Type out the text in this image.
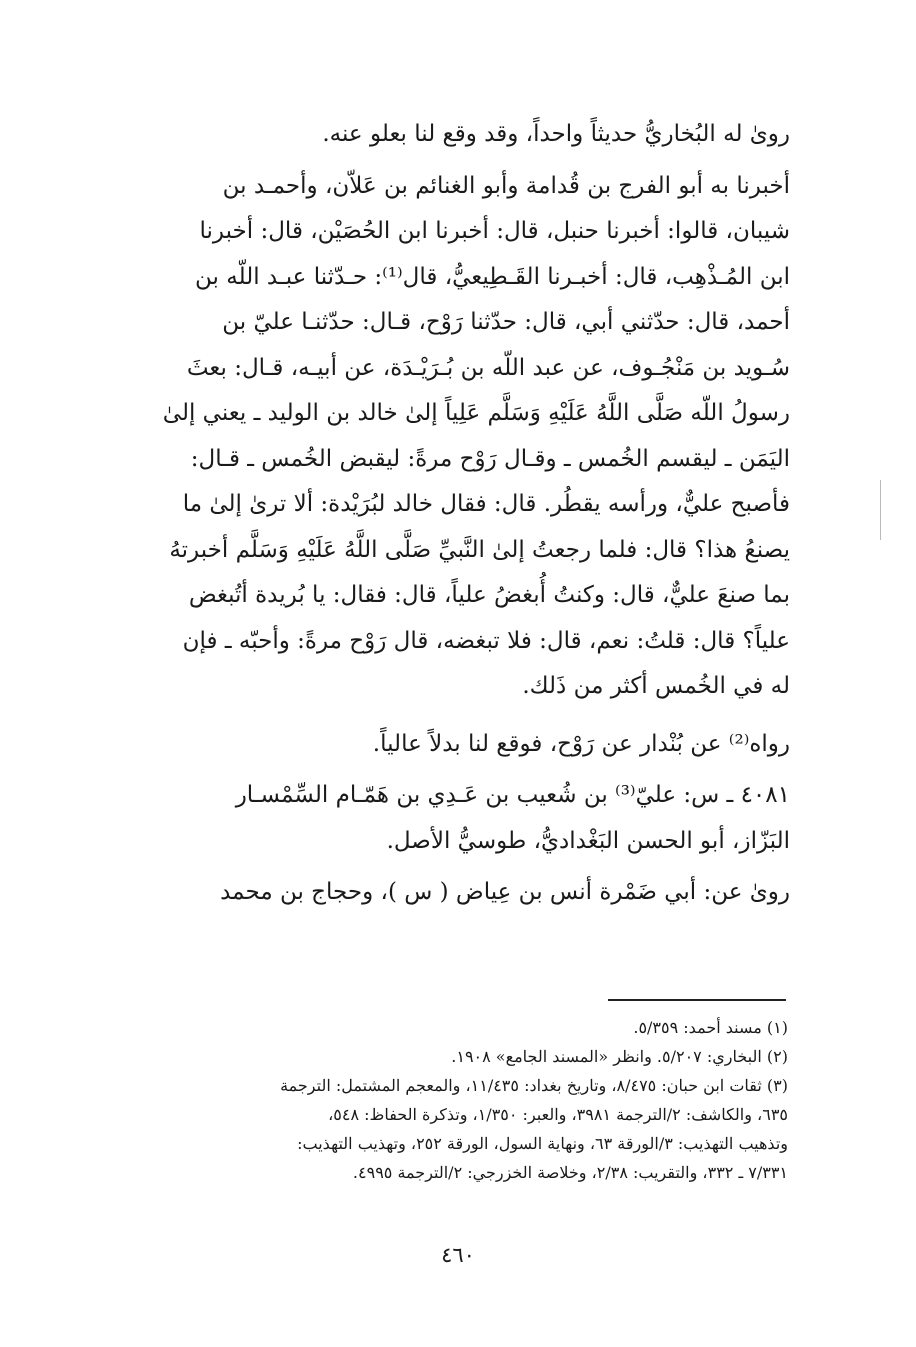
روىٰ له البُخاريُّ حديثاً واحداً، وقد وقع لنا بعلو عنه.

أخبرنا به أبو الفرج بن قُدامة وأبو الغنائم بن عَلاّن، وأحمـد بن

شيبان، قالوا: أخبرنا حنبل، قال: أخبرنا ابن الحُصَيْن، قال: أخبرنا

ابن المُـذْهِب، قال: أخبـرنا القَـطِيعيُّ، قال⁽¹⁾: حـدّثنا عبـد اللّه بن

أحمد، قال: حدّثني أبي، قال: حدّثنا رَوْح، قـال: حدّثنـا عليّ بن

سُـويد بن مَنْجُـوف، عن عبد اللّه بن بُـرَيْـدَة، عن أبيـه، قـال: بعثَ

رسولُ اللّه صَلَّى اللَّهُ عَلَيْهِ وَسَلَّم عَلِياً إلىٰ خالد بن الوليد ـ يعني إلىٰ

اليَمَن ـ ليقسم الخُمس ـ وقـال رَوْح مرةً: ليقبض الخُمس ـ قـال:

فأصبح عليٌّ، ورأسه يقطُر. قال: فقال خالد لبُرَيْدة: ألا ترىٰ إلىٰ ما

يصنعُ هذا؟ قال: فلما رجعتُ إلىٰ النَّبيِّ صَلَّى اللَّهُ عَلَيْهِ وَسَلَّم أخبرتهُ

بما صنعَ عليٌّ، قال: وكنتُ أُبغضُ علياً، قال: فقال: يا بُريدة أتُبغض

علياً؟ قال: قلتُ: نعم، قال: فلا تبغضه، قال رَوْح مرةً: وأحبّه ـ فإن

له في الخُمس أكثر من ذَلك.

رواه⁽²⁾ عن بُنْدار عن رَوْح، فوقع لنا بدلاً عالياً.

٤٠٨١ ـ س: عليّ⁽³⁾ بن شُعيب بن عَـدِي بن هَمّـام السِّمْسـار

البَزّاز، أبو الحسن البَغْداديُّ، طوسيُّ الأصل.

روىٰ عن: أبي ضَمْرة أنس بن عِياض ( س )، وحجاج بن محمد

(١) مسند أحمد: ٥/٣٥٩.

(٢) البخاري: ٥/٢٠٧. وانظر «المسند الجامع» ١٩٠٨.

(٣) ثقات ابن حبان: ٨/٤٧٥، وتاريخ بغداد: ١١/٤٣٥، والمعجم المشتمل: الترجمة

٦٣٥، والكاشف: ٢/الترجمة ٣٩٨١، والعبر: ١/٣٥٠، وتذكرة الحفاظ: ٥٤٨،

وتذهيب التهذيب: ٣/الورقة ٦٣، ونهاية السول، الورقة ٢٥٢، وتهذيب التهذيب:

٧/٣٣١ ـ ٣٣٢، والتقريب: ٢/٣٨، وخلاصة الخزرجي: ٢/الترجمة ٤٩٩٥.

٤٦٠
